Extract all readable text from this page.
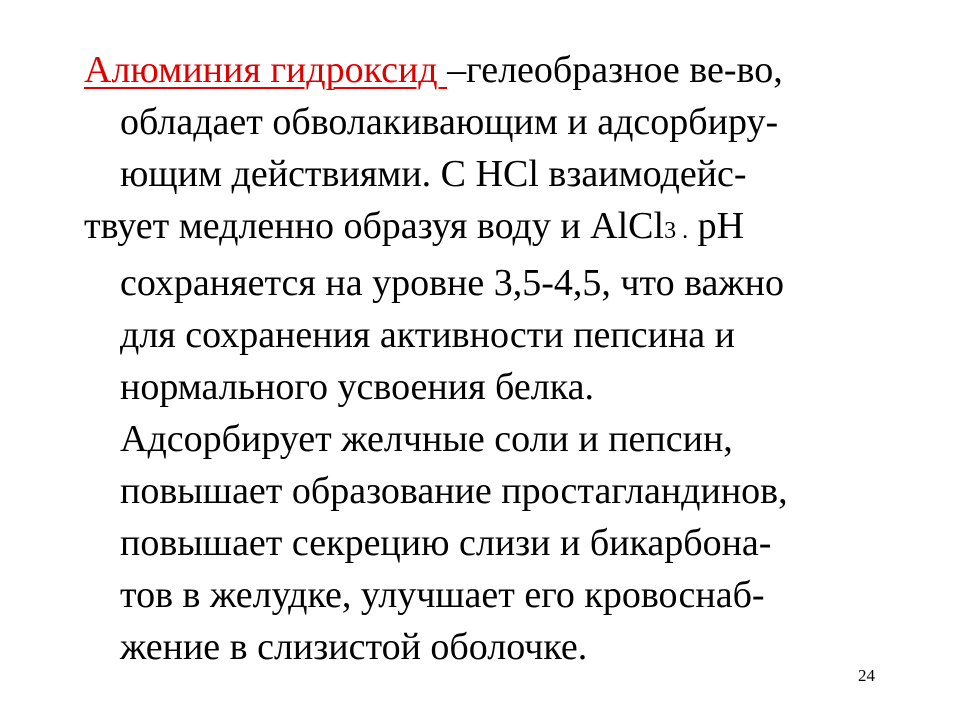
Алюминия гидроксид –гелеобразное ве-во,
обладает обволакивающим и адсорбиру-
ющим действиями. С НСl взаимодейс-
твует медленно образуя воду и AlCl3 . pH
сохраняется на уровне 3,5-4,5, что важно
для сохранения активности пепсина и
нормального усвоения белка.
Адсорбирует желчные соли и пепсин,
повышает образование простагландинов,
повышает секрецию слизи и бикарбона-
тов в желудке, улучшает его кровоснаб-
жение в слизистой оболочке.
24
